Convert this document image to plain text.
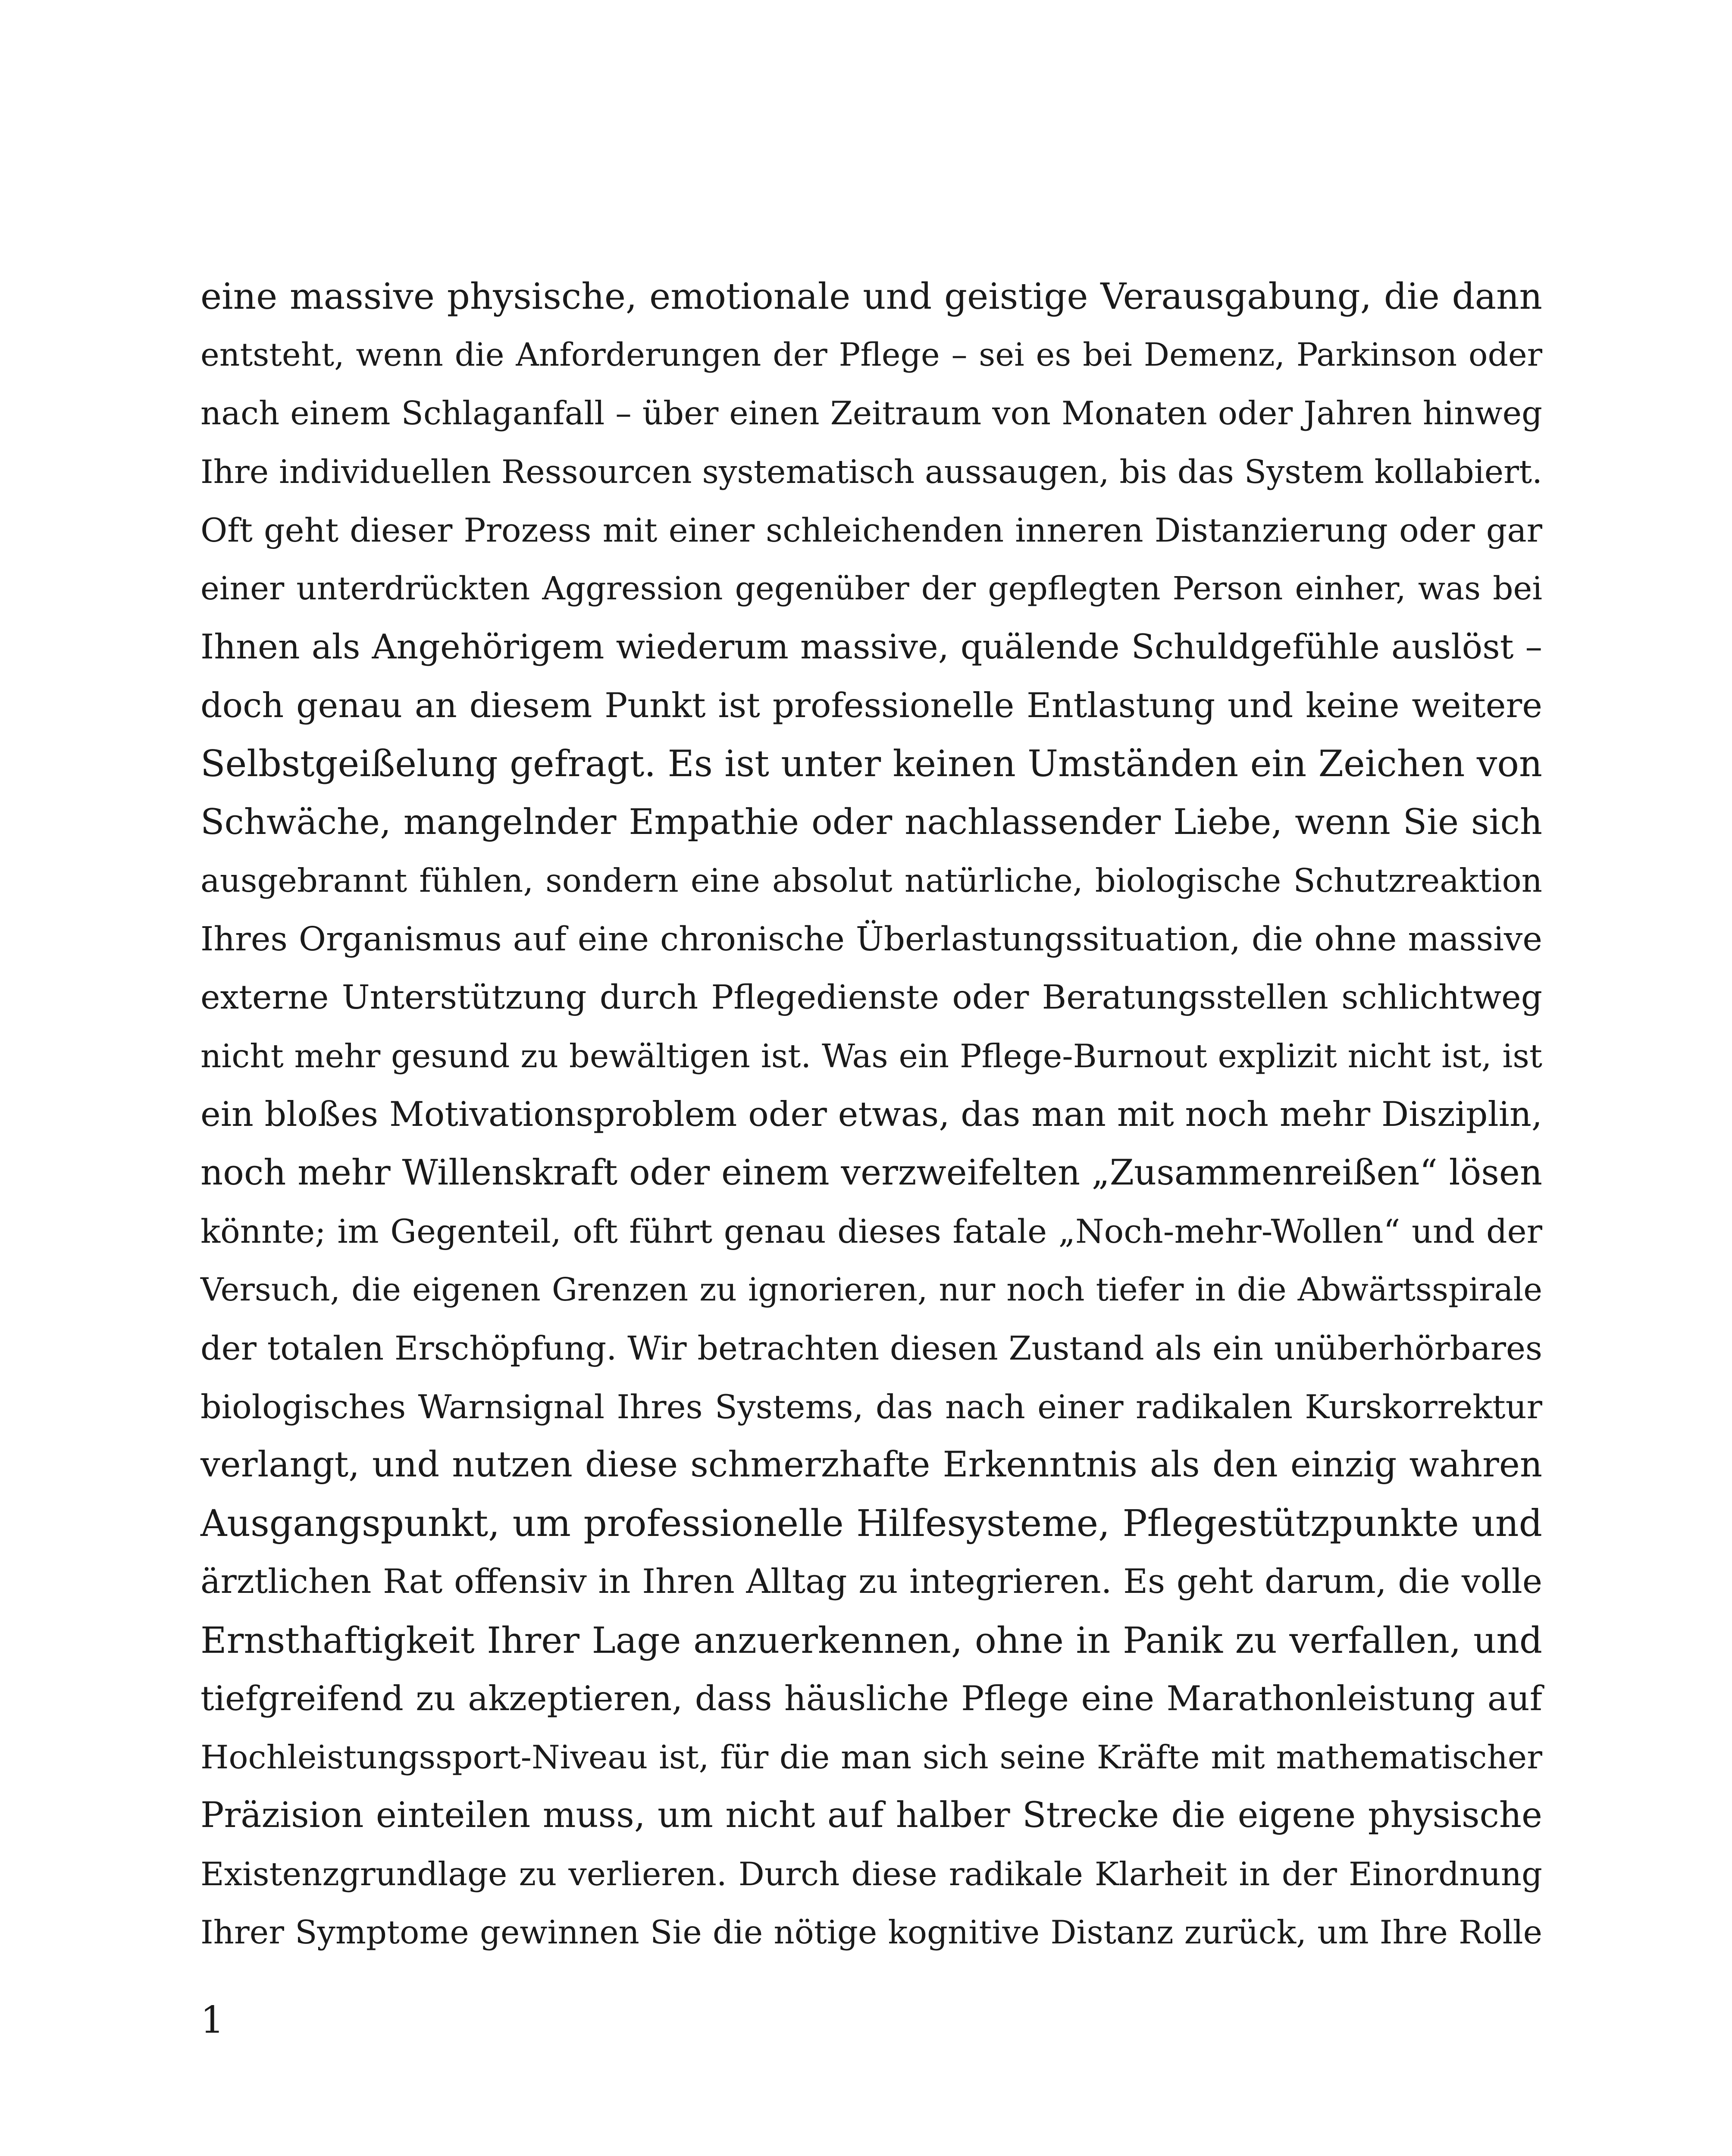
eine massive physische, emotionale und geistige Verausgabung, die dann
entsteht, wenn die Anforderungen der Pflege – sei es bei Demenz, Parkinson oder
nach einem Schlaganfall – über einen Zeitraum von Monaten oder Jahren hinweg
Ihre individuellen Ressourcen systematisch aussaugen, bis das System kollabiert.
Oft geht dieser Prozess mit einer schleichenden inneren Distanzierung oder gar
einer unterdrückten Aggression gegenüber der gepflegten Person einher, was bei
Ihnen als Angehörigem wiederum massive, quälende Schuldgefühle auslöst –
doch genau an diesem Punkt ist professionelle Entlastung und keine weitere
Selbstgeißelung gefragt. Es ist unter keinen Umständen ein Zeichen von
Schwäche, mangelnder Empathie oder nachlassender Liebe, wenn Sie sich
ausgebrannt fühlen, sondern eine absolut natürliche, biologische Schutzreaktion
Ihres Organismus auf eine chronische Überlastungssituation, die ohne massive
externe Unterstützung durch Pflegedienste oder Beratungsstellen schlichtweg
nicht mehr gesund zu bewältigen ist. Was ein Pflege-Burnout explizit nicht ist, ist
ein bloßes Motivationsproblem oder etwas, das man mit noch mehr Disziplin,
noch mehr Willenskraft oder einem verzweifelten „Zusammenreißen“ lösen
könnte; im Gegenteil, oft führt genau dieses fatale „Noch-mehr-Wollen“ und der
Versuch, die eigenen Grenzen zu ignorieren, nur noch tiefer in die Abwärtsspirale
der totalen Erschöpfung. Wir betrachten diesen Zustand als ein unüberhörbares
biologisches Warnsignal Ihres Systems, das nach einer radikalen Kurskorrektur
verlangt, und nutzen diese schmerzhafte Erkenntnis als den einzig wahren
Ausgangspunkt, um professionelle Hilfesysteme, Pflegestützpunkte und
ärztlichen Rat offensiv in Ihren Alltag zu integrieren. Es geht darum, die volle
Ernsthaftigkeit Ihrer Lage anzuerkennen, ohne in Panik zu verfallen, und
tiefgreifend zu akzeptieren, dass häusliche Pflege eine Marathonleistung auf
Hochleistungssport-Niveau ist, für die man sich seine Kräfte mit mathematischer
Präzision einteilen muss, um nicht auf halber Strecke die eigene physische
Existenzgrundlage zu verlieren. Durch diese radikale Klarheit in der Einordnung
Ihrer Symptome gewinnen Sie die nötige kognitive Distanz zurück, um Ihre Rolle
1
